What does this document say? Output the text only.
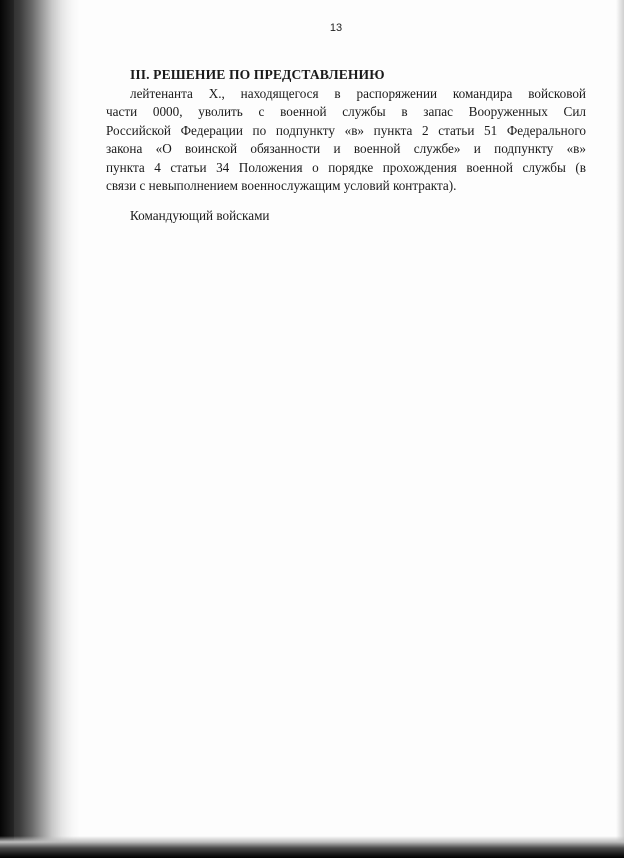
13
III. РЕШЕНИЕ ПО ПРЕДСТАВЛЕНИЮ
лейтенанта Х., находящегося в распоряжении командира войсковой
части 0000, уволить с военной службы в запас Вооруженных Сил
Российской Федерации по подпункту «в» пункта 2 статьи 51 Федерального
закона «О воинской обязанности и военной службе» и подпункту «в»
пункта 4 статьи 34 Положения о порядке прохождения военной службы (в
связи с невыполнением военнослужащим условий контракта).
Командующий войсками
